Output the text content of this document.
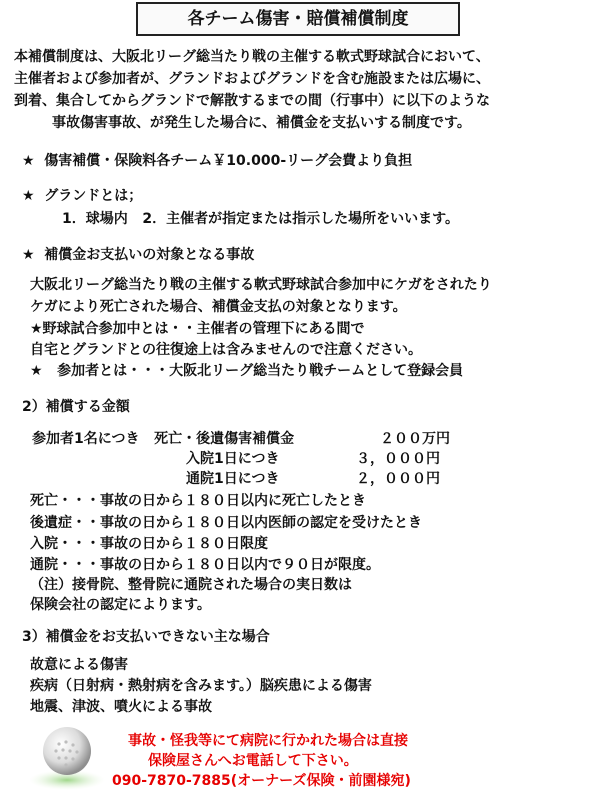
各チーム傷害・賠償補償制度
本補償制度は、大阪北リーグ総当たり戦の主催する軟式野球試合において、
主催者および参加者が、グランドおよびグランドを含む施設または広場に、
到着、集合してからグランドで解散するまでの間（行事中）に以下のような
事故傷害事故、が発生した場合に、補償金を支払いする制度です。
★  傷害補償・保険料各チーム￥10.000-リーグ会費より負担
★  グランドとは；
1．球場内   2．主催者が指定または指示した場所をいいます。
★  補償金お支払いの対象となる事故
大阪北リーグ総当たり戦の主催する軟式野球試合参加中にケガをされたり
ケガにより死亡された場合、補償金支払の対象となります。
★野球試合参加中とは・・主催者の管理下にある間で
自宅とグランドとの往復途上は含みませんので注意ください。
★   参加者とは・・・大阪北リーグ総当たり戦チームとして登録会員
2）補償する金額
参加者1名につき   死亡・後遺傷害補償金	２００万円
入院1日につき	３，０００円
通院1日につき	２，０００円
死亡・・・事故の日から１８０日以内に死亡したとき
後遺症・・事故の日から１８０日以内医師の認定を受けたとき
入院・・・事故の日から１８０日限度
通院・・・事故の日から１８０日以内で９０日が限度。
（注）接骨院、整骨院に通院された場合の実日数は
保険会社の認定によります。
3）補償金をお支払いできない主な場合
故意による傷害
疾病（日射病・熱射病を含みます。）脳疾患による傷害
地震、津波、噴火による事故
事故・怪我等にて病院に行かれた場合は直接
保険屋さんへお電話して下さい。
090-7870-7885(オーナーズ保険・前園様宛)
